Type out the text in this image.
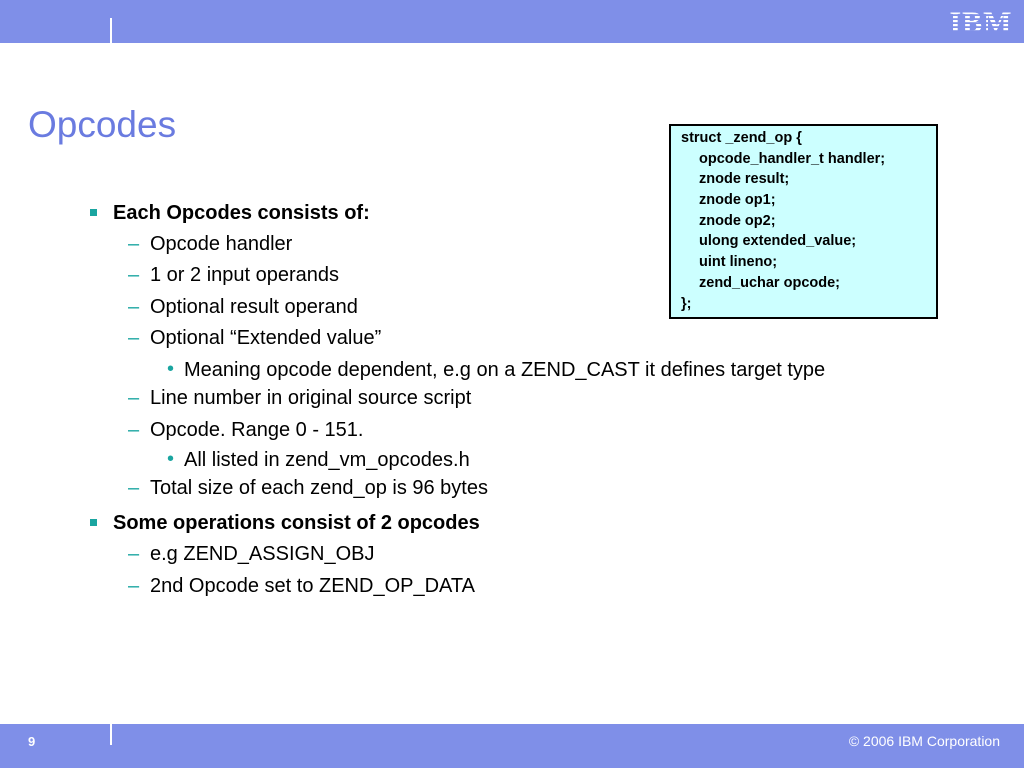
Opcodes	struct _zend_op {
opcode_handler_t handler;
znode result;
znode op1;
znode op2;
ulong extended_value;
uint lineno;
zend_uchar opcode;
};
Each Opcodes consists of:
– Opcode handler
– 1 or 2 input operands
– Optional result operand
– Optional “Extended value”
• Meaning opcode dependent, e.g on a ZEND_CAST it defines target type
– Line number in original source script
– Opcode. Range 0 - 151.
• All listed in zend_vm_opcodes.h
– Total size of each zend_op is 96 bytes
Some operations consist of 2 opcodes
– e.g ZEND_ASSIGN_OBJ
– 2nd Opcode set to ZEND_OP_DATA
9	© 2006 IBM Corporation
